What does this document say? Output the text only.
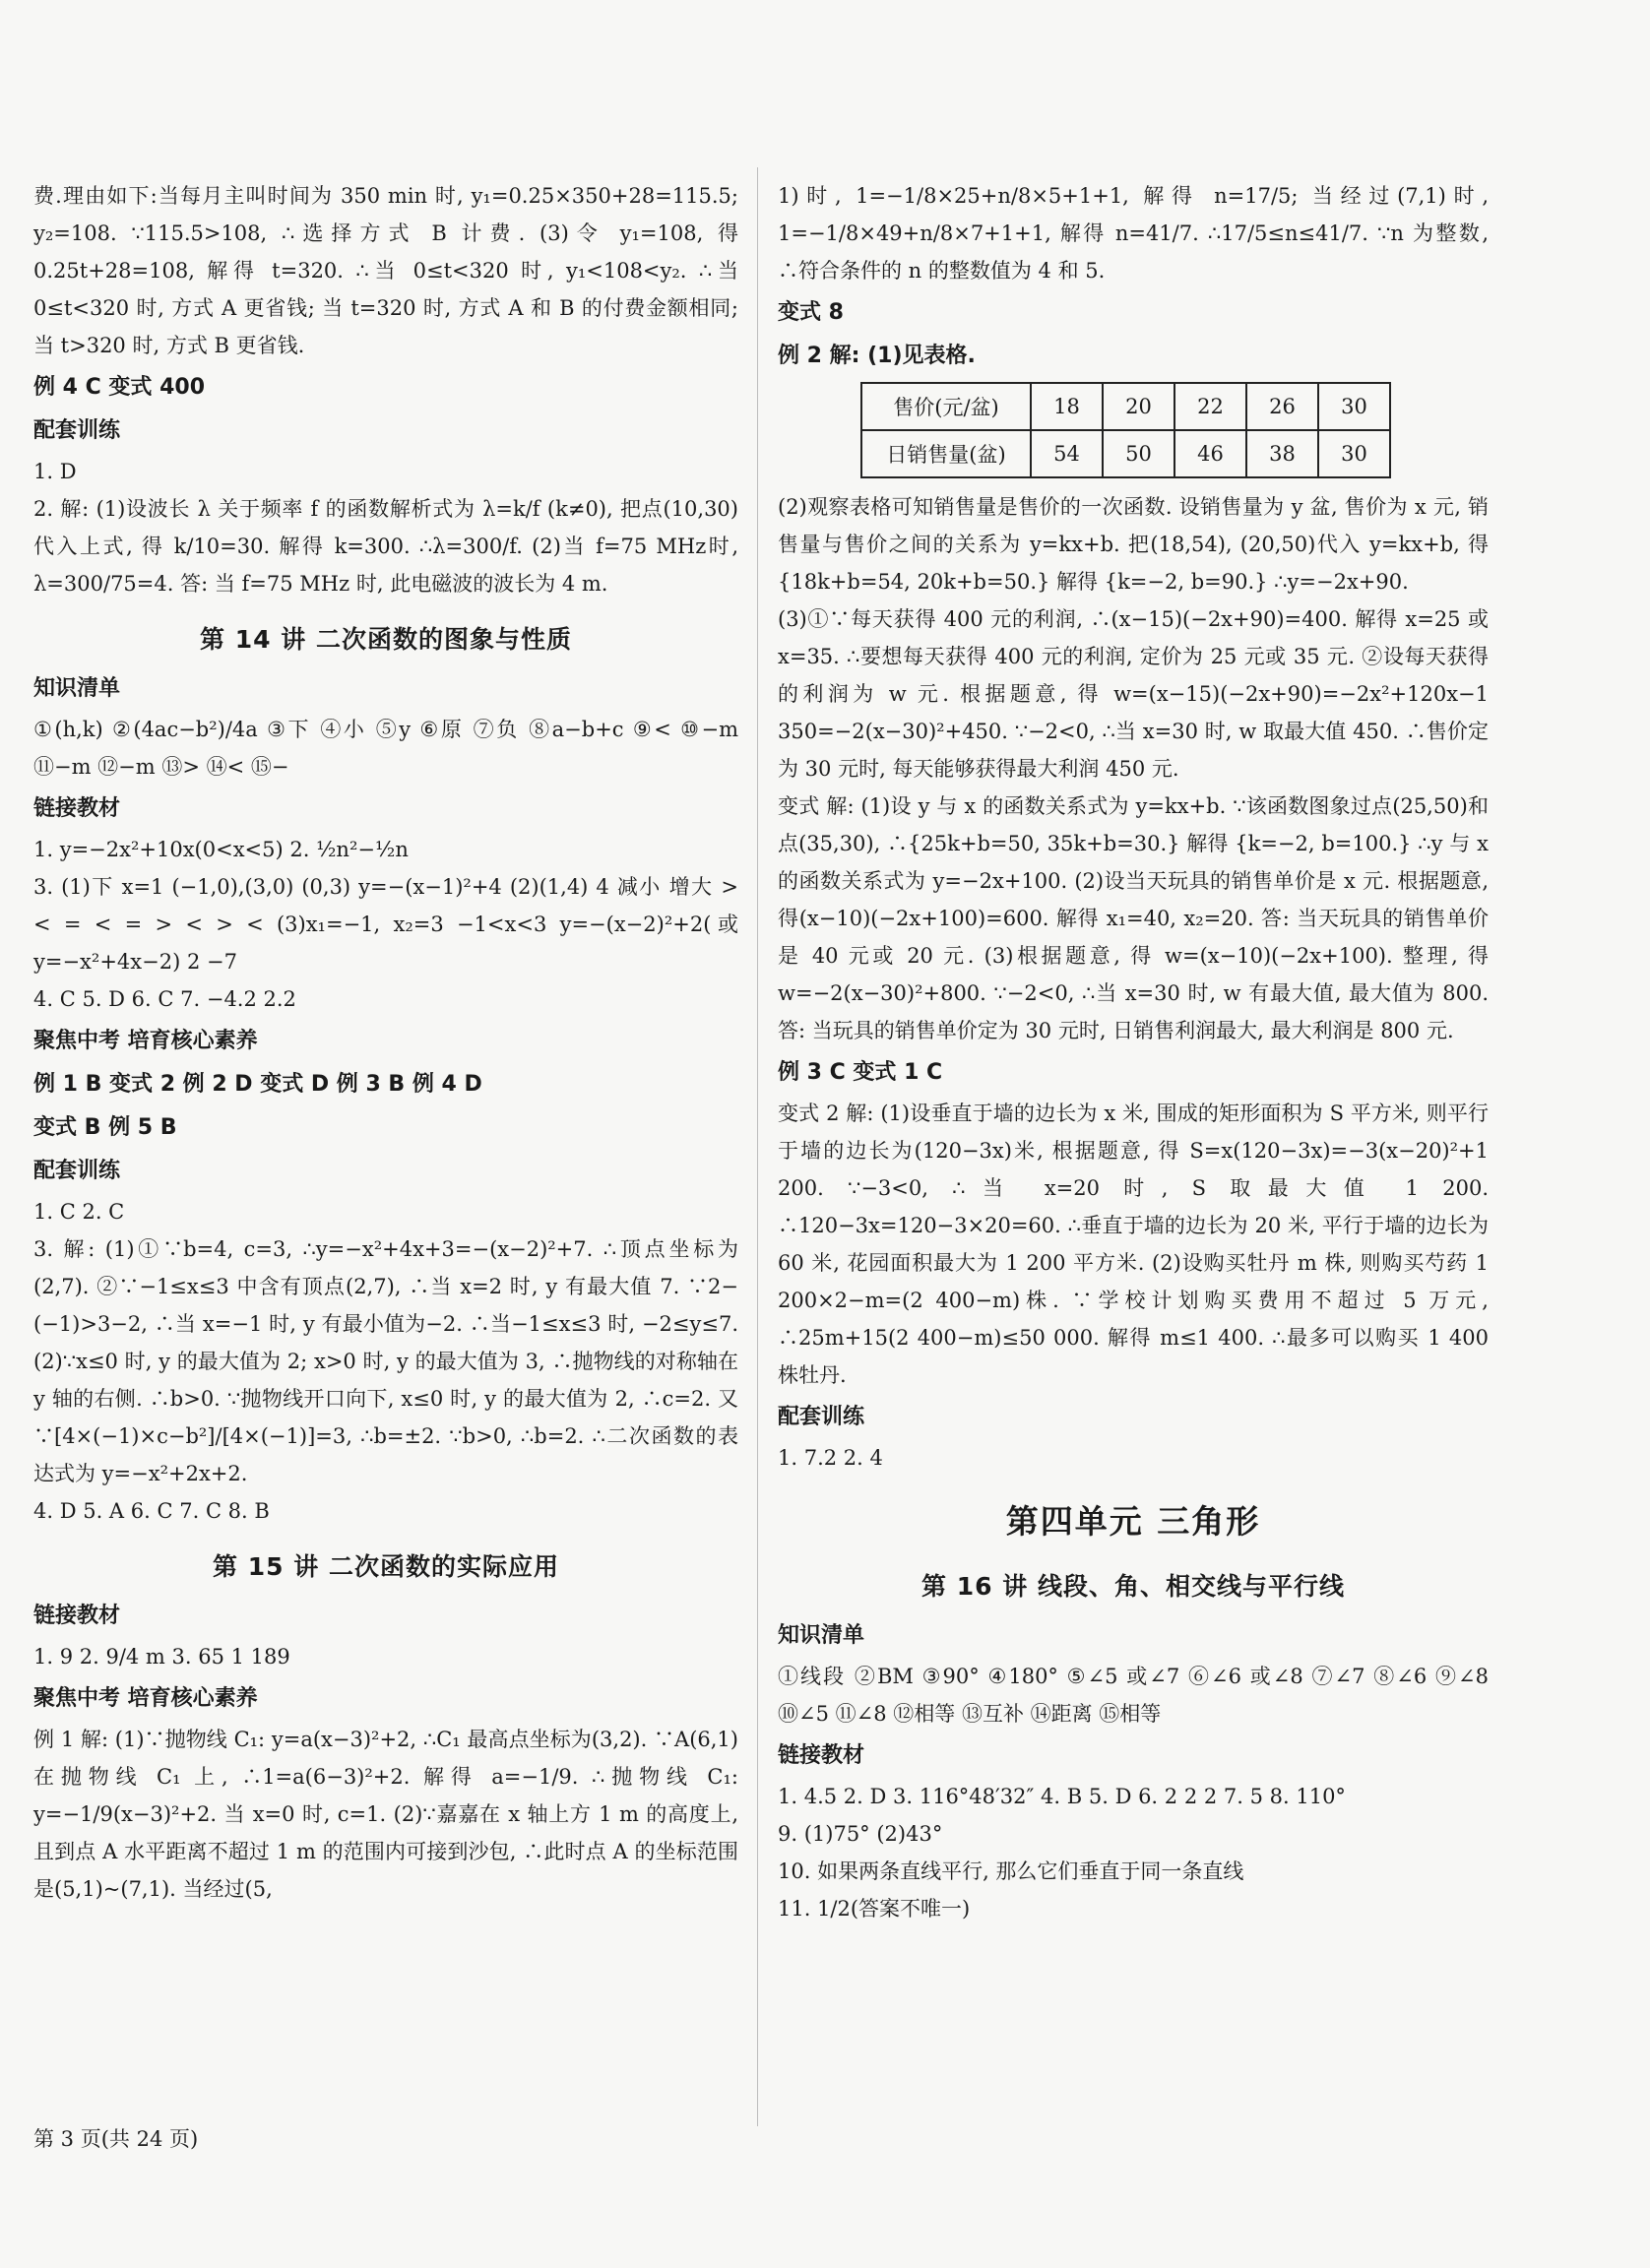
费.理由如下:当每月主叫时间为 350 min 时, y₁=0.25×350+28=115.5; y₂=108. ∵115.5>108, ∴选择方式 B 计费. (3)令 y₁=108, 得 0.25t+28=108, 解得 t=320. ∴当 0≤t<320 时, y₁<108<y₂. ∴当 0≤t<320 时, 方式 A 更省钱; 当 t=320 时, 方式 A 和 B 的付费金额相同; 当 t>320 时, 方式 B 更省钱.
例 4 C 变式 400
配套训练
1. D
2. 解: (1)设波长 λ 关于频率 f 的函数解析式为 λ=k/f (k≠0), 把点(10,30)代入上式, 得 k/10=30. 解得 k=300. ∴λ=300/f. (2)当 f=75 MHz时, λ=300/75=4. 答: 当 f=75 MHz 时, 此电磁波的波长为 4 m.
第 14 讲 二次函数的图象与性质
知识清单
①(h,k) ②(4ac−b²)/4a ③下 ④小 ⑤y ⑥原 ⑦负 ⑧a−b+c ⑨< ⑩−m ⑪−m ⑫−m ⑬> ⑭< ⑮−
链接教材
1. y=−2x²+10x(0<x<5) 2. ½n²−½n
3. (1)下 x=1 (−1,0),(3,0) (0,3) y=−(x−1)²+4 (2)(1,4) 4 减小 增大 > < = < = > < > < (3)x₁=−1, x₂=3 −1<x<3 y=−(x−2)²+2(或 y=−x²+4x−2) 2 −7
4. C 5. D 6. C 7. −4.2 2.2
聚焦中考 培育核心素养
例 1 B 变式 2 例 2 D 变式 D 例 3 B 例 4 D
变式 B 例 5 B
配套训练
1. C 2. C
3. 解: (1)①∵b=4, c=3, ∴y=−x²+4x+3=−(x−2)²+7. ∴顶点坐标为(2,7). ②∵−1≤x≤3 中含有顶点(2,7), ∴当 x=2 时, y 有最大值 7. ∵2−(−1)>3−2, ∴当 x=−1 时, y 有最小值为−2. ∴当−1≤x≤3 时, −2≤y≤7. (2)∵x≤0 时, y 的最大值为 2; x>0 时, y 的最大值为 3, ∴抛物线的对称轴在 y 轴的右侧. ∴b>0. ∵抛物线开口向下, x≤0 时, y 的最大值为 2, ∴c=2. 又∵[4×(−1)×c−b²]/[4×(−1)]=3, ∴b=±2. ∵b>0, ∴b=2. ∴二次函数的表达式为 y=−x²+2x+2.
4. D 5. A 6. C 7. C 8. B
第 15 讲 二次函数的实际应用
链接教材
1. 9 2. 9/4 m 3. 65 1 189
聚焦中考 培育核心素养
例 1 解: (1)∵抛物线 C₁: y=a(x−3)²+2, ∴C₁ 最高点坐标为(3,2). ∵A(6,1)在抛物线 C₁ 上, ∴1=a(6−3)²+2. 解得 a=−1/9. ∴抛物线 C₁: y=−1/9(x−3)²+2. 当 x=0 时, c=1. (2)∵嘉嘉在 x 轴上方 1 m 的高度上, 且到点 A 水平距离不超过 1 m 的范围内可接到沙包, ∴此时点 A 的坐标范围是(5,1)~(7,1). 当经过(5,
1)时, 1=−1/8×25+n/8×5+1+1, 解得 n=17/5; 当经过(7,1)时, 1=−1/8×49+n/8×7+1+1, 解得 n=41/7. ∴17/5≤n≤41/7. ∵n 为整数, ∴符合条件的 n 的整数值为 4 和 5.
变式 8
例 2 解: (1)见表格.
售价(元/盆)	18	20	22	26	30
日销售量(盆)	54	50	46	38	30
(2)观察表格可知销售量是售价的一次函数. 设销售量为 y 盆, 售价为 x 元, 销售量与售价之间的关系为 y=kx+b. 把(18,54), (20,50)代入 y=kx+b, 得 {18k+b=54, 20k+b=50.} 解得 {k=−2, b=90.} ∴y=−2x+90.
(3)①∵每天获得 400 元的利润, ∴(x−15)(−2x+90)=400. 解得 x=25 或 x=35. ∴要想每天获得 400 元的利润, 定价为 25 元或 35 元. ②设每天获得的利润为 w 元. 根据题意, 得 w=(x−15)(−2x+90)=−2x²+120x−1 350=−2(x−30)²+450. ∵−2<0, ∴当 x=30 时, w 取最大值 450. ∴售价定为 30 元时, 每天能够获得最大利润 450 元.
变式 解: (1)设 y 与 x 的函数关系式为 y=kx+b. ∵该函数图象过点(25,50)和点(35,30), ∴{25k+b=50, 35k+b=30.} 解得 {k=−2, b=100.} ∴y 与 x 的函数关系式为 y=−2x+100. (2)设当天玩具的销售单价是 x 元. 根据题意, 得(x−10)(−2x+100)=600. 解得 x₁=40, x₂=20. 答: 当天玩具的销售单价是 40 元或 20 元. (3)根据题意, 得 w=(x−10)(−2x+100). 整理, 得 w=−2(x−30)²+800. ∵−2<0, ∴当 x=30 时, w 有最大值, 最大值为 800. 答: 当玩具的销售单价定为 30 元时, 日销售利润最大, 最大利润是 800 元.
例 3 C 变式 1 C
变式 2 解: (1)设垂直于墙的边长为 x 米, 围成的矩形面积为 S 平方米, 则平行于墙的边长为(120−3x)米, 根据题意, 得 S=x(120−3x)=−3(x−20)²+1 200. ∵−3<0, ∴当 x=20 时, S 取最大值 1 200. ∴120−3x=120−3×20=60. ∴垂直于墙的边长为 20 米, 平行于墙的边长为 60 米, 花园面积最大为 1 200 平方米. (2)设购买牡丹 m 株, 则购买芍药 1 200×2−m=(2 400−m)株. ∵学校计划购买费用不超过 5 万元, ∴25m+15(2 400−m)≤50 000. 解得 m≤1 400. ∴最多可以购买 1 400 株牡丹.
配套训练
1. 7.2 2. 4
第四单元 三角形
第 16 讲 线段、角、相交线与平行线
知识清单
①线段 ②BM ③90° ④180° ⑤∠5 或∠7 ⑥∠6 或∠8 ⑦∠7 ⑧∠6 ⑨∠8 ⑩∠5 ⑪∠8 ⑫相等 ⑬互补 ⑭距离 ⑮相等
链接教材
1. 4.5 2. D 3. 116°48′32″ 4. B 5. D 6. 2 2 2 7. 5 8. 110°
9. (1)75° (2)43°
10. 如果两条直线平行, 那么它们垂直于同一条直线
11. 1/2(答案不唯一)
第 3 页(共 24 页)
